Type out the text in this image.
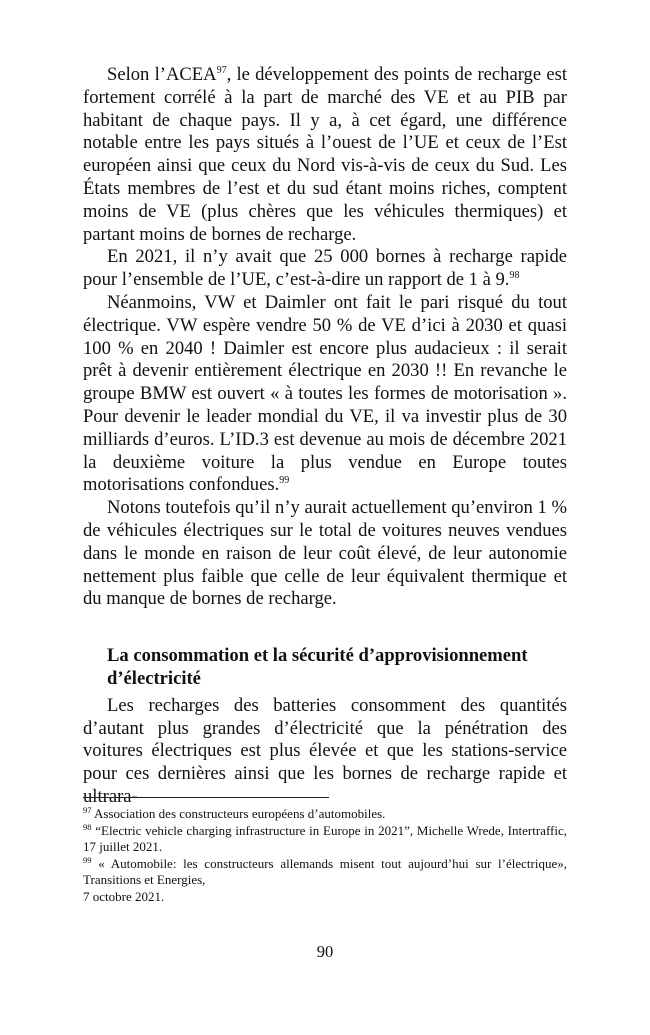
Selon l’ACEA$^{97}$, le développement des points de recharge est fortement corrélé à la part de marché des VE et au PIB par habitant de chaque pays. Il y a, à cet égard, une différence notable entre les pays situés à l’ouest de l’UE et ceux de l’Est européen ainsi que ceux du Nord vis-à-vis de ceux du Sud. Les États membres de l’est et du sud étant moins riches, comptent moins de VE (plus chères que les véhicules thermiques) et partant moins de bornes de recharge.

En 2021, il n’y avait que 25 000 bornes à recharge rapide pour l’ensemble de l’UE, c’est-à-dire un rapport de 1 à 9.98

Néanmoins, VW et Daimler ont fait le pari risqué du tout électrique. VW espère vendre 50 % de VE d’ici à 2030 et quasi 100 % en 2040 ! Daimler est encore plus audacieux : il serait prêt à devenir entièrement électrique en 2030 !! En revanche le groupe BMW est ouvert « à toutes les formes de motorisation ». Pour devenir le leader mondial du VE, il va investir plus de 30 milliards d’euros. L’ID.3 est devenue au mois de décembre 2021 la deuxième voiture la plus vendue en Europe toutes motorisations confondues.$^{99}$

Notons toutefois qu’il n’y aurait actuellement qu’environ 1 % de véhicules électriques sur le total de voitures neuves vendues dans le monde en raison de leur coût élevé, de leur autonomie nettement plus faible que celle de leur équivalent thermique et du manque de bornes de recharge.

La consommation et la sécurité d’approvisionnement
d’électricité

Les recharges des batteries consomment des quantités d’autant plus grandes d’électricité que la pénétration des voitures électriques est plus élevée et que les stations-service pour ces dernières ainsi que les bornes de recharge rapide et ultrara-

$^{97}$ Association des constructeurs européens d’automobiles.

$^{98}$ “Electric vehicle charging infrastructure in Europe in 2021”, Michelle Wrede, Intertraffic, 17 juillet 2021.

$^{99}$ « Automobile: les constructeurs allemands misent tout aujourd’hui sur l’électrique», Transitions et Energies,
7 octobre 2021.

90
